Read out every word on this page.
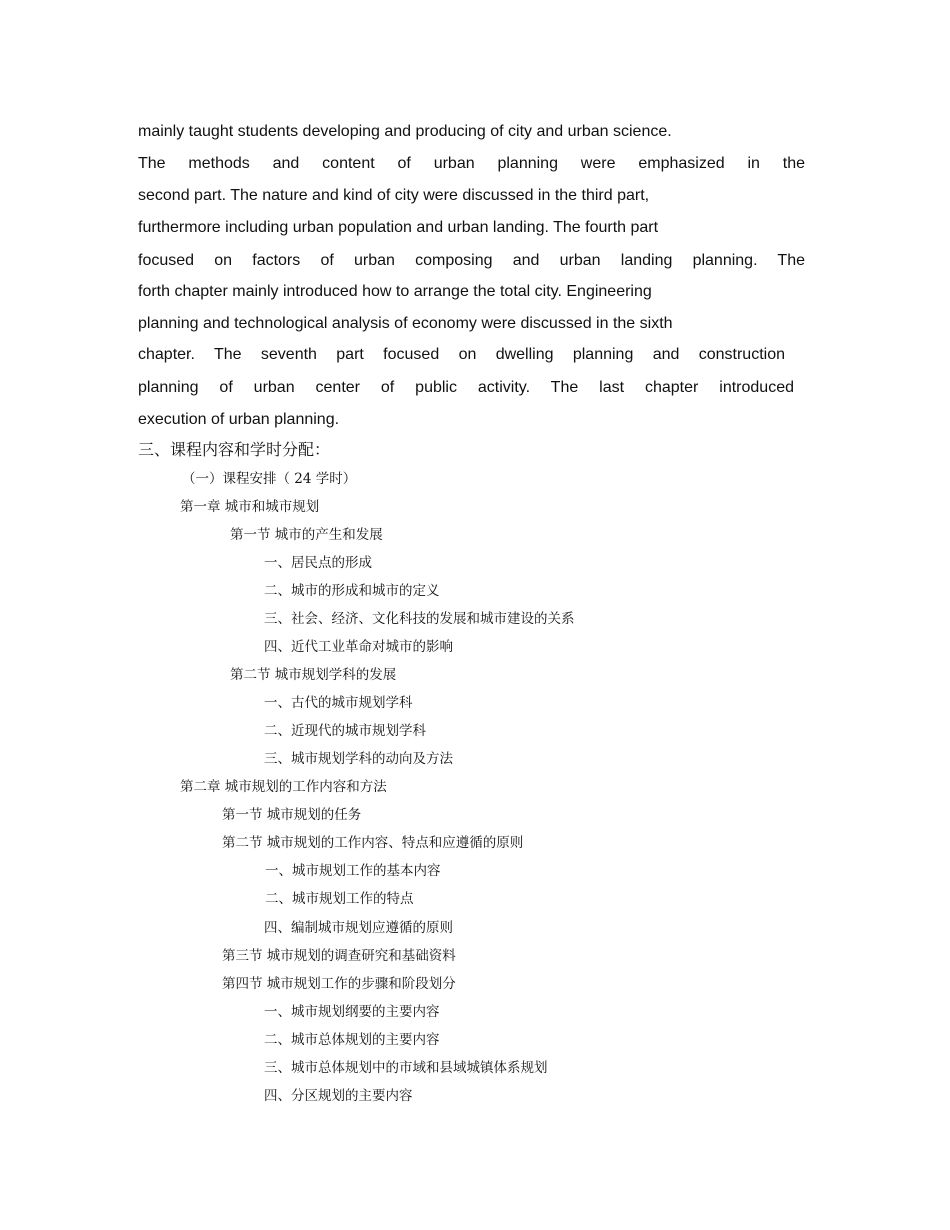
mainly taught students developing and producing of city and urban science.
The methods and content of urban planning were emphasized in the
second part. The nature and kind of city were discussed in the third part,
furthermore including urban population and urban landing. The fourth part
focused on factors of urban composing and urban landing planning. The
forth chapter mainly introduced how to arrange the total city. Engineering
planning and technological analysis of economy were discussed in the sixth
chapter. The seventh part focused on dwelling planning and construction
planning of urban center of public activity. The last chapter introduced
execution of urban planning.
三、课程内容和学时分配：
（一）课程安排（ 24 学时）
第一章 城市和城市规划
第一节 城市的产生和发展
一、居民点的形成
二、城市的形成和城市的定义
三、社会、经济、文化科技的发展和城市建设的关系
四、近代工业革命对城市的影响
第二节 城市规划学科的发展
一、古代的城市规划学科
二、近现代的城市规划学科
三、城市规划学科的动向及方法
第二章 城市规划的工作内容和方法
第一节 城市规划的任务
第二节 城市规划的工作内容、特点和应遵循的原则
一、城市规划工作的基本内容
二、城市规划工作的特点
四、编制城市规划应遵循的原则
第三节 城市规划的调查研究和基础资料
第四节 城市规划工作的步骤和阶段划分
一、城市规划纲要的主要内容
二、城市总体规划的主要内容
三、城市总体规划中的市域和县域城镇体系规划
四、分区规划的主要内容
